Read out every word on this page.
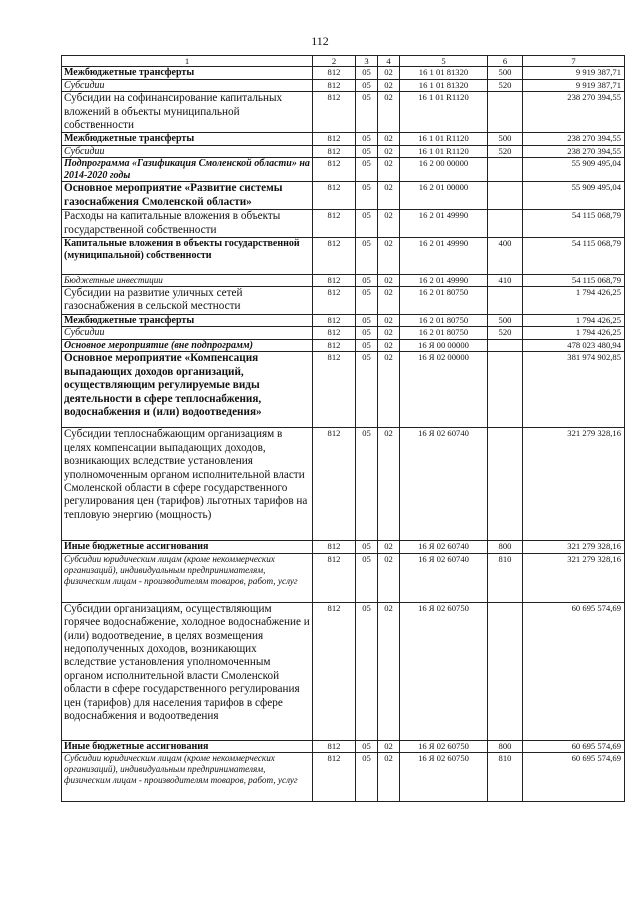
112
1	2	3	4	5	6	7
Межбюджетные трансферты	812	05	02	16 1 01 81320	500	9 919 387,71
Субсидии	812	05	02	16 1 01 81320	520	9 919 387,71
Субсидии на софинансирование капитальных вложений в объекты муниципальной собственности	812	05	02	16 1 01 R1120		238 270 394,55
Межбюджетные трансферты	812	05	02	16 1 01 R1120	500	238 270 394,55
Субсидии	812	05	02	16 1 01 R1120	520	238 270 394,55
Подпрограмма «Газификация Смоленской области» на 2014-2020 годы	812	05	02	16 2 00 00000		55 909 495,04
Основное мероприятие «Развитие системы газоснабжения Смоленской области»	812	05	02	16 2 01 00000		55 909 495,04
Расходы на капитальные вложения в объекты государственной собственности	812	05	02	16 2 01 49990		54 115 068,79
Капитальные вложения в объекты государственной (муниципальной) собственности	812	05	02	16 2 01 49990	400	54 115 068,79
Бюджетные инвестиции	812	05	02	16 2 01 49990	410	54 115 068,79
Субсидии на развитие уличных сетей газоснабжения в сельской местности	812	05	02	16 2 01 80750		1 794 426,25
Межбюджетные трансферты	812	05	02	16 2 01 80750	500	1 794 426,25
Субсидии	812	05	02	16 2 01 80750	520	1 794 426,25
Основное мероприятие (вне подпрограмм)	812	05	02	16 Я 00 00000		478 023 480,94
Основное мероприятие «Компенсация выпадающих доходов организаций, осуществляющим регулируемые виды деятельности в сфере теплоснабжения, водоснабжения и (или) водоотведения»	812	05	02	16 Я 02 00000		381 974 902,85
Субсидии теплоснабжающим организациям в целях компенсации выпадающих доходов, возникающих вследствие установления уполномоченным органом исполнительной власти Смоленской области в сфере государственного регулирования цен (тарифов) льготных тарифов на тепловую энергию (мощность)	812	05	02	16 Я 02 60740		321 279 328,16
Иные бюджетные ассигнования	812	05	02	16 Я 02 60740	800	321 279 328,16
Субсидии юридическим лицам (кроме некоммерческих организаций), индивидуальным предпринимателям, физическим лицам - производителям товаров, работ, услуг	812	05	02	16 Я 02 60740	810	321 279 328,16
Субсидии организациям, осуществляющим горячее водоснабжение, холодное водоснабжение и (или) водоотведение, в целях возмещения недополученных доходов, возникающих вследствие установления уполномоченным органом исполнительной власти Смоленской области в сфере государственного регулирования цен (тарифов) для населения тарифов в сфере водоснабжения и водоотведения	812	05	02	16 Я 02 60750		60 695 574,69
Иные бюджетные ассигнования	812	05	02	16 Я 02 60750	800	60 695 574,69
Субсидии юридическим лицам (кроме некоммерческих организаций), индивидуальным предпринимателям, физическим лицам - производителям товаров, работ, услуг	812	05	02	16 Я 02 60750	810	60 695 574,69
